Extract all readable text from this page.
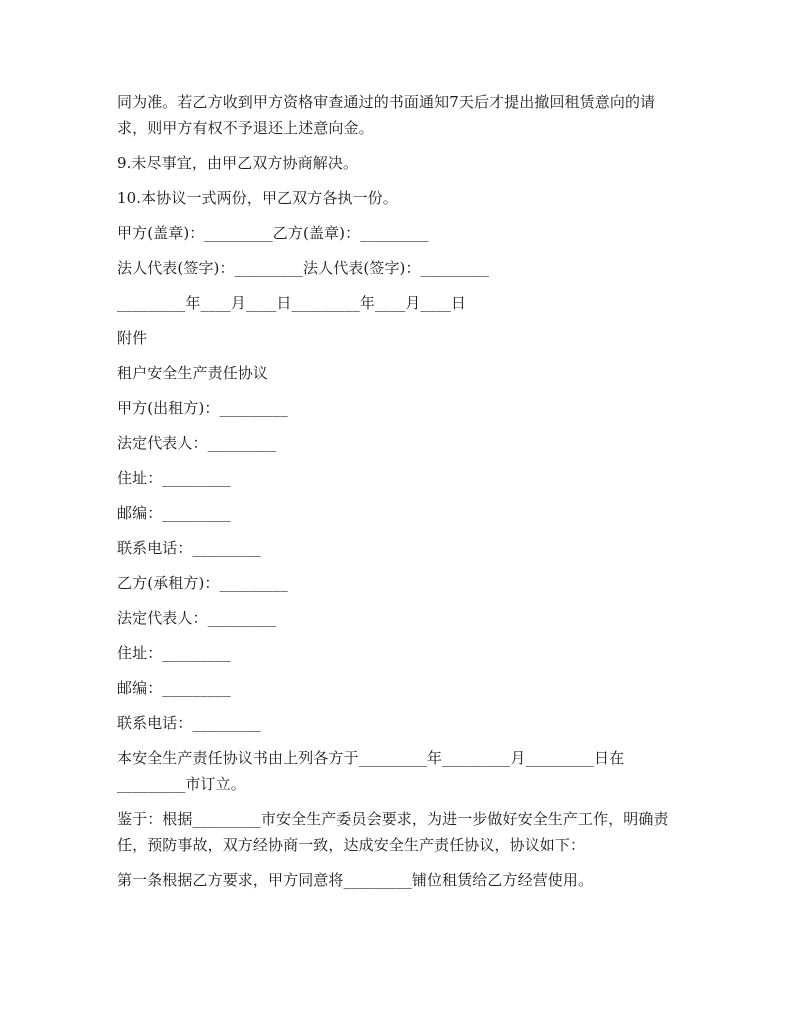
同为准。若乙方收到甲方资格审查通过的书面通知7天后才提出撤回租赁意向的请求，则甲方有权不予退还上述意向金。

9.未尽事宜，由甲乙双方协商解决。

10.本协议一式两份，甲乙双方各执一份。

甲方(盖章)：_________乙方(盖章)：_________

法人代表(签字)：_________法人代表(签字)：_________

_________年____月____日_________年____月____日

附件

租户安全生产责任协议

甲方(出租方)：_________

法定代表人：_________

住址：_________

邮编：_________

联系电话：_________

乙方(承租方)：_________

法定代表人：_________

住址：_________

邮编：_________

联系电话：_________

本安全生产责任协议书由上列各方于_________年_________月_________日在_________市订立。

鉴于：根据_________市安全生产委员会要求，为进一步做好安全生产工作，明确责任，预防事故，双方经协商一致，达成安全生产责任协议，协议如下：

第一条根据乙方要求，甲方同意将_________铺位租赁给乙方经营使用。
